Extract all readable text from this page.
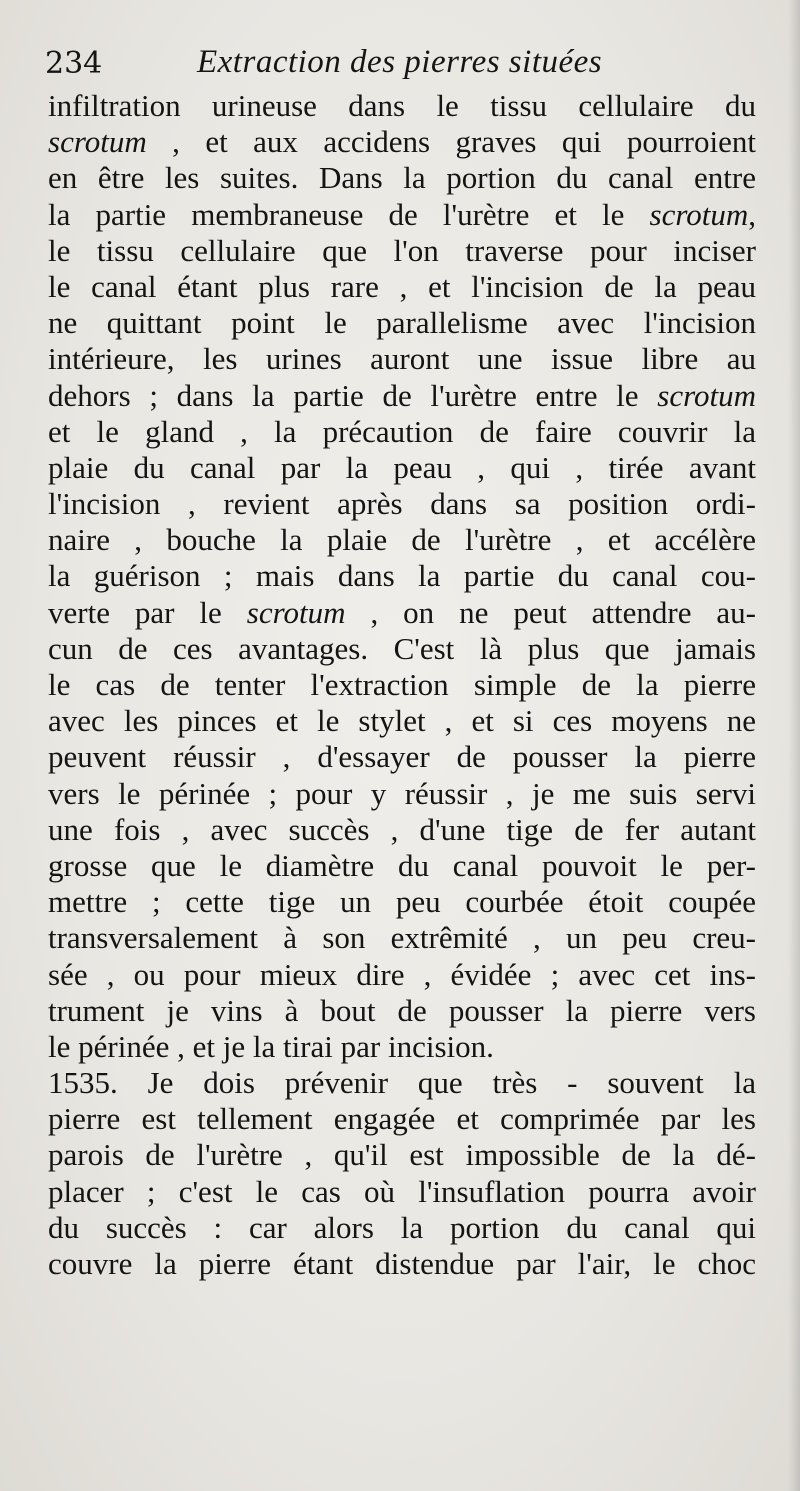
234	Extraction des pierres situées
infiltration urineuse dans le tissu cellulaire du
scrotum , et aux accidens graves qui pourroient
en être les suites. Dans la portion du canal entre
la partie membraneuse de l'urètre et le scrotum,
le tissu cellulaire que l'on traverse pour inciser
le canal étant plus rare , et l'incision de la peau
ne quittant point le parallelisme avec l'incision
intérieure, les urines auront une issue libre au
dehors ; dans la partie de l'urètre entre le scrotum
et le gland , la précaution de faire couvrir la
plaie du canal par la peau , qui , tirée avant
l'incision , revient après dans sa position ordi-
naire , bouche la plaie de l'urètre , et accélère
la guérison ; mais dans la partie du canal cou-
verte par le scrotum , on ne peut attendre au-
cun de ces avantages. C'est là plus que jamais
le cas de tenter l'extraction simple de la pierre
avec les pinces et le stylet , et si ces moyens ne
peuvent réussir , d'essayer de pousser la pierre
vers le périnée ; pour y réussir , je me suis servi
une fois , avec succès , d'une tige de fer autant
grosse que le diamètre du canal pouvoit le per-
mettre ; cette tige un peu courbée étoit coupée
transversalement à son extrêmité , un peu creu-
sée , ou pour mieux dire , évidée ; avec cet ins-
trument je vins à bout de pousser la pierre vers
le périnée , et je la tirai par incision.
1535. Je dois prévenir que très - souvent la
pierre est tellement engagée et comprimée par les
parois de l'urètre , qu'il est impossible de la dé-
placer ; c'est le cas où l'insuflation pourra avoir
du succès : car alors la portion du canal qui
couvre la pierre étant distendue par l'air, le choc
